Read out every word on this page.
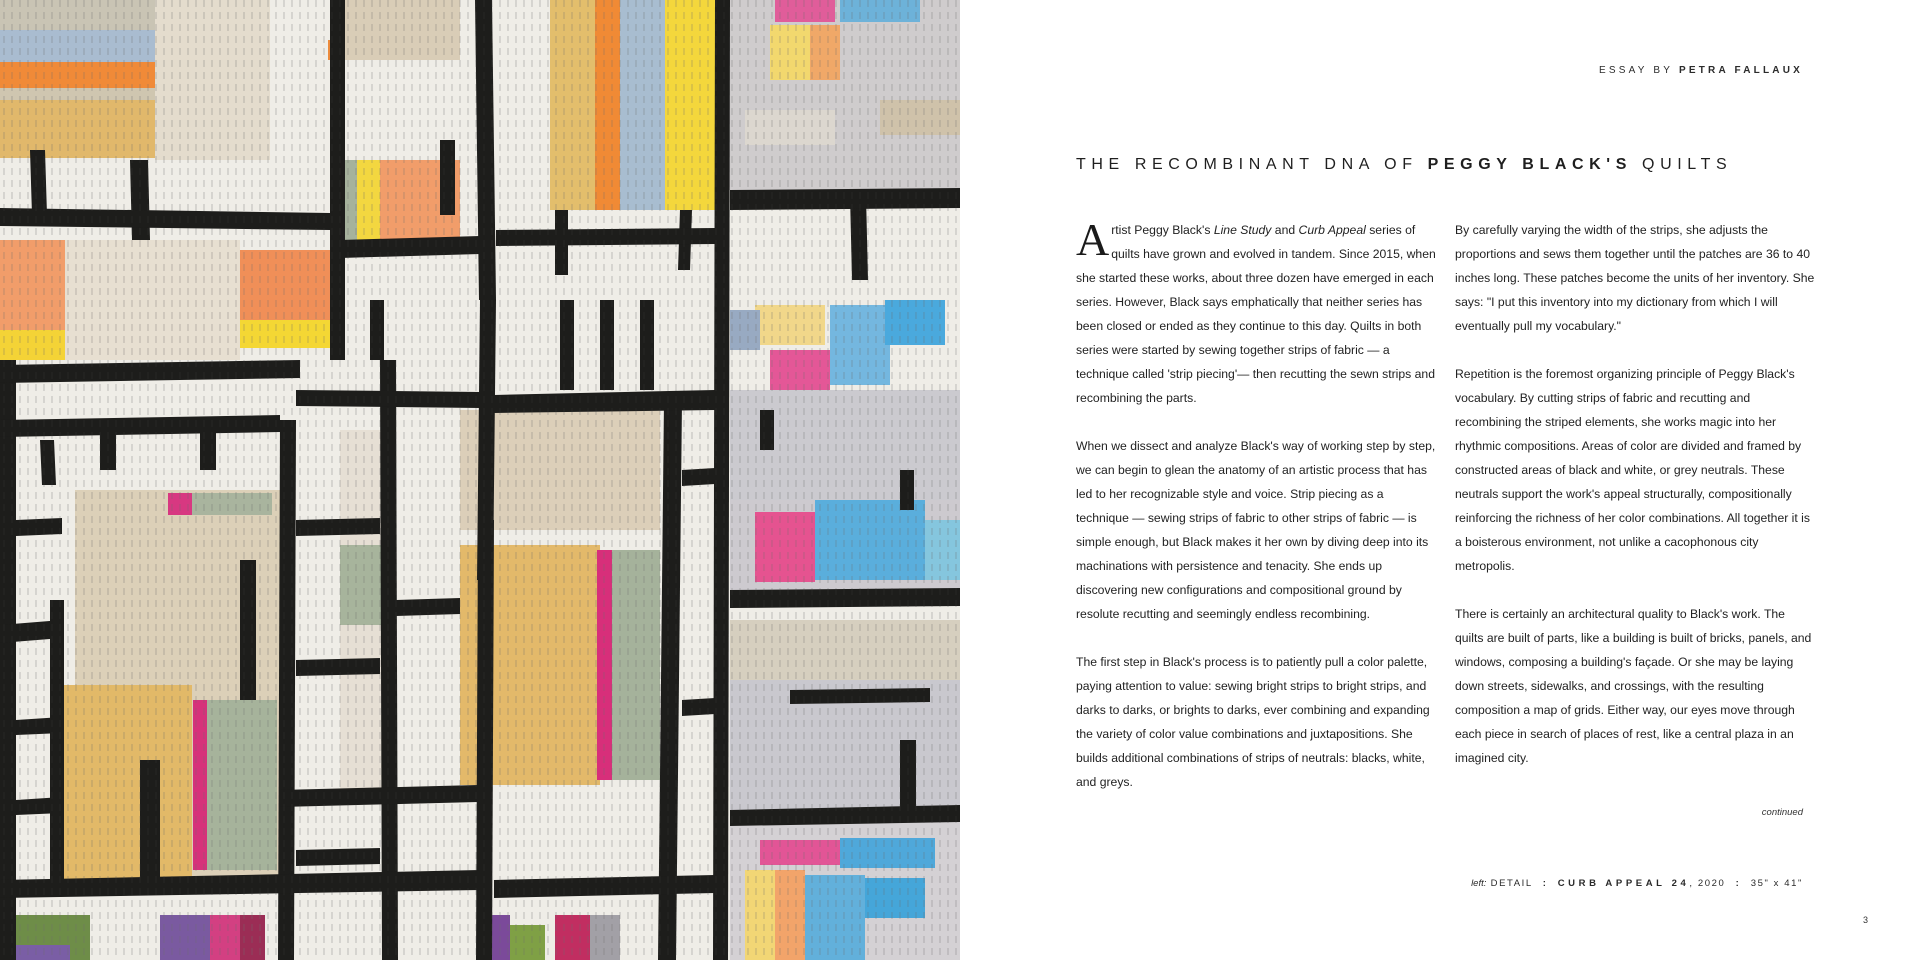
ESSAY BY PETRA FALLAUX
THE RECOMBINANT DNA OF PEGGY BLACK'S QUILTS

Artist Peggy Black's Line Study and Curb Appeal series of quilts have grown and evolved in tandem. Since 2015, when she started these works, about three dozen have emerged in each series. However, Black says emphatically that neither series has been closed or ended as they continue to this day. Quilts in both series were started by sewing together strips of fabric — a technique called 'strip piecing'— then recutting the sewn strips and recombining the parts.

When we dissect and analyze Black's way of working step by step, we can begin to glean the anatomy of an artistic process that has led to her recognizable style and voice. Strip piecing as a technique — sewing strips of fabric to other strips of fabric — is simple enough, but Black makes it her own by diving deep into its machinations with persistence and tenacity. She ends up discovering new configurations and compositional ground by resolute recutting and seemingly endless recombining.

The first step in Black's process is to patiently pull a color palette, paying attention to value: sewing bright strips to bright strips, and darks to darks, or brights to darks, ever combining and expanding the variety of color value combinations and juxtapositions. She builds additional combinations of strips of neutrals: blacks, white, and greys.

By carefully varying the width of the strips, she adjusts the proportions and sews them together until the patches are 36 to 40 inches long. These patches become the units of her inventory. She says: "I put this inventory into my dictionary from which I will eventually pull my vocabulary."

Repetition is the foremost organizing principle of Peggy Black's vocabulary. By cutting strips of fabric and recutting and recombining the striped elements, she works magic into her rhythmic compositions. Areas of color are divided and framed by constructed areas of black and white, or grey neutrals. These neutrals support the work's appeal structurally, compositionally reinforcing the richness of her color combinations. All together it is a boisterous environment, not unlike a cacophonous city metropolis.

There is certainly an architectural quality to Black's work. The quilts are built of parts, like a building is built of bricks, panels, and windows, composing a building's façade. Or she may be laying down streets, sidewalks, and crossings, with the resulting composition a map of grids. Either way, our eyes move through each piece in search of places of rest, like a central plaza in an imagined city.

continued
left: DETAIL : CURB APPEAL 24, 2020 : 35" x 41"
3
